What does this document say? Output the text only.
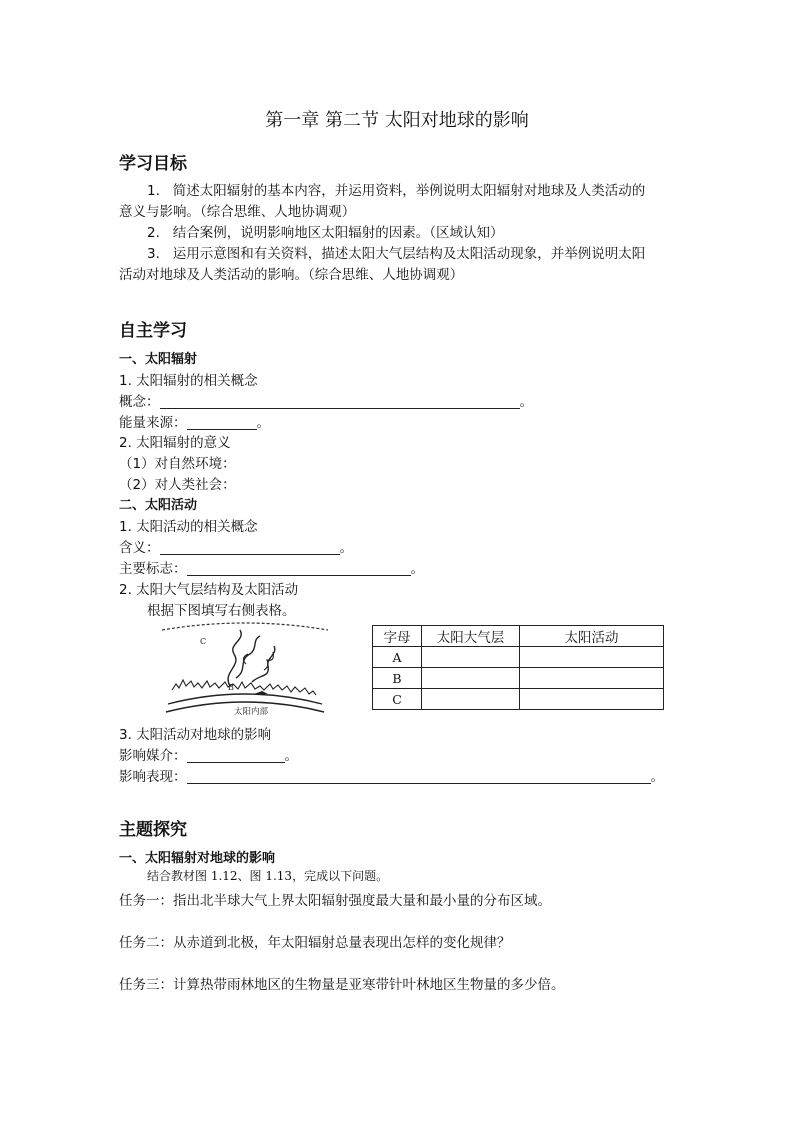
第一章 第二节 太阳对地球的影响
学习目标
1. 简述太阳辐射的基本内容，并运用资料，举例说明太阳辐射对地球及人类活动的
意义与影响。（综合思维、人地协调观）
2. 结合案例，说明影响地区太阳辐射的因素。（区域认知）
3. 运用示意图和有关资料，描述太阳大气层结构及太阳活动现象，并举例说明太阳
活动对地球及人类活动的影响。（综合思维、人地协调观）
自主学习
一、太阳辐射
1. 太阳辐射的相关概念
概念：	。
能量来源：	。
2. 太阳辐射的意义
（1）对自然环境：
（2）对人类社会：
二、太阳活动
1. 太阳活动的相关概念
含义：	。
主要标志：	。
2. 太阳大气层结构及太阳活动
根据下图填写右侧表格。
C
B
太阳内部
字母	太阳大气层	太阳活动
A		
B		
C		
3. 太阳活动对地球的影响
影响媒介：	。
影响表现：	。
主题探究
一、太阳辐射对地球的影响
结合教材图 1.12、图 1.13，完成以下问题。
任务一：指出北半球大气上界太阳辐射强度最大量和最小量的分布区域。
任务二：从赤道到北极，年太阳辐射总量表现出怎样的变化规律？
任务三：计算热带雨林地区的生物量是亚寒带针叶林地区生物量的多少倍。
